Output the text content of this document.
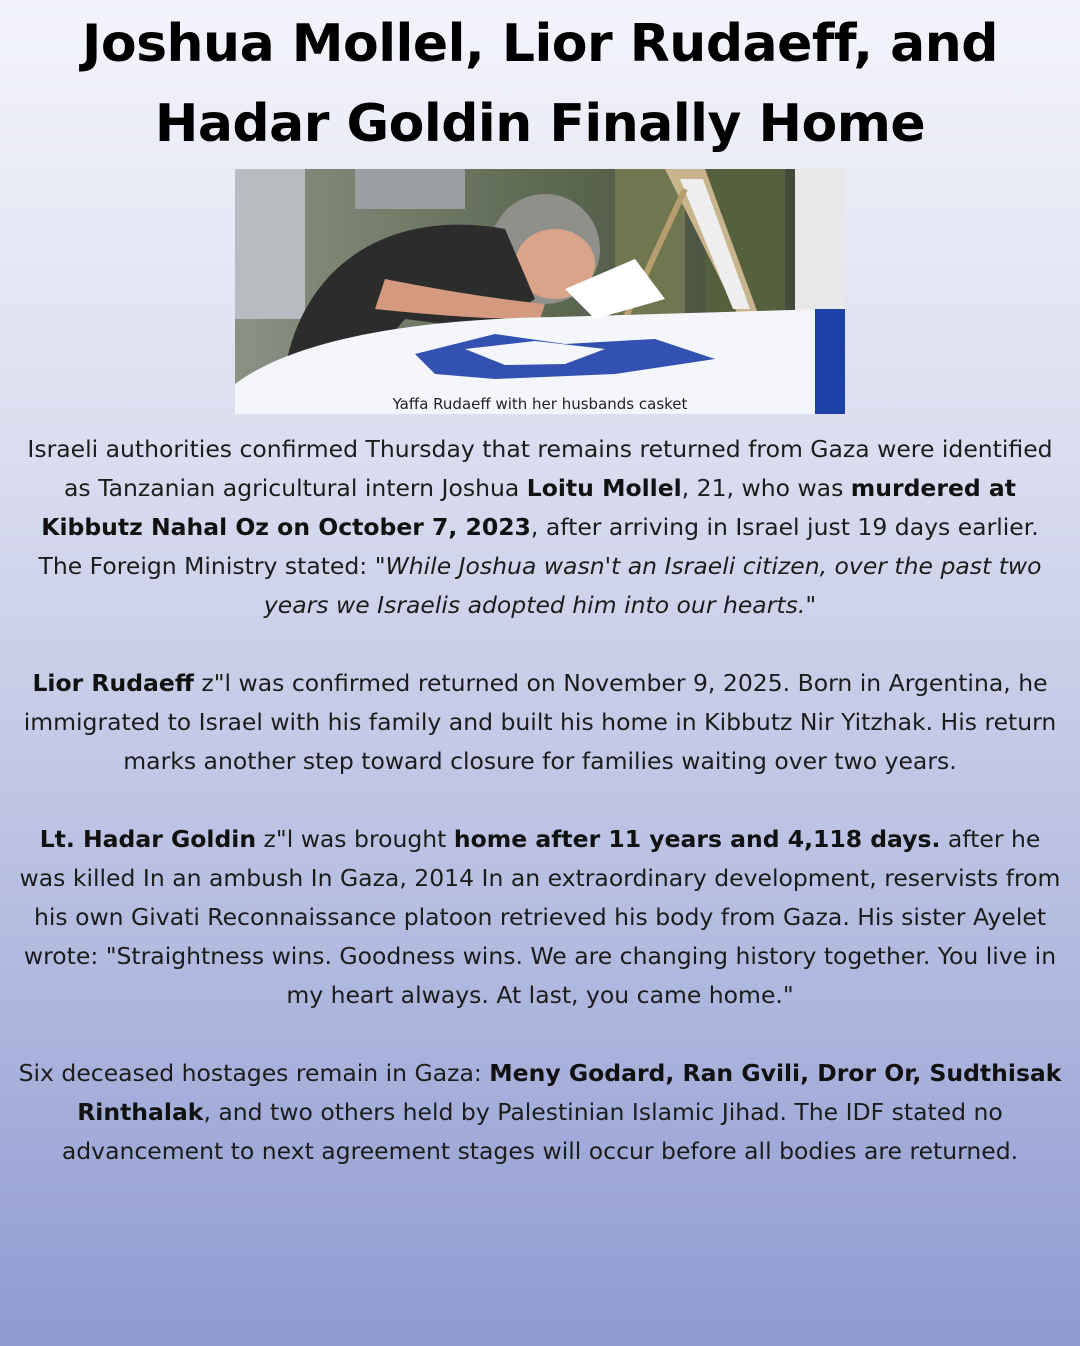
Joshua Mollel, Lior Rudaeff, and
Hadar Goldin Finally Home
Yaffa Rudaeff with her husbands casket

Israeli authorities confirmed Thursday that remains returned from Gaza were identified as Tanzanian agricultural intern Joshua Loitu Mollel, 21, who was murdered at Kibbutz Nahal Oz on October 7, 2023, after arriving in Israel just 19 days earlier. The Foreign Ministry stated: "While Joshua wasn't an Israeli citizen, over the past two years we Israelis adopted him into our hearts."

Lior Rudaeff z"l was confirmed returned on November 9, 2025. Born in Argentina, he immigrated to Israel with his family and built his home in Kibbutz Nir Yitzhak. His return marks another step toward closure for families waiting over two years.

Lt. Hadar Goldin z"l was brought home after 11 years and 4,118 days. after he was killed In an ambush In Gaza, 2014 In an extraordinary development, reservists from his own Givati Reconnaissance platoon retrieved his body from Gaza. His sister Ayelet wrote: "Straightness wins. Goodness wins. We are changing history together. You live in my heart always. At last, you came home."

Six deceased hostages remain in Gaza: Meny Godard, Ran Gvili, Dror Or, Sudthisak Rinthalak, and two others held by Palestinian Islamic Jihad. The IDF stated no advancement to next agreement stages will occur before all bodies are returned.
